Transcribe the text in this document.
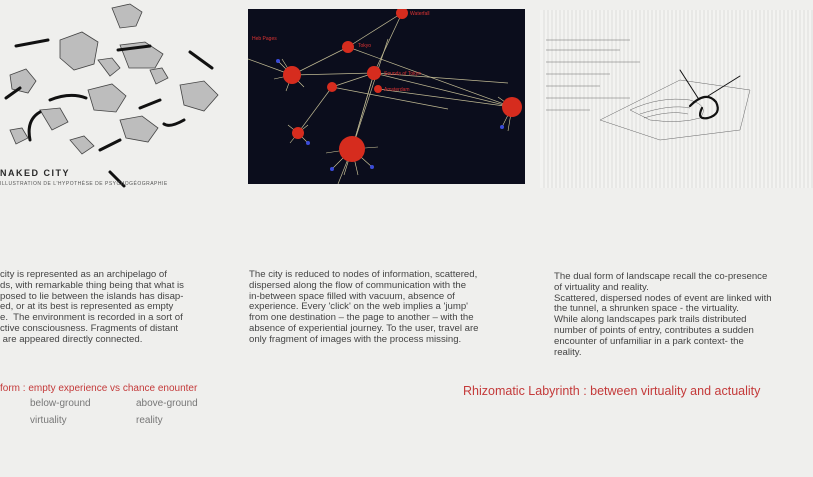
NAKED CITY
ILLUSTRATION DE L'HYPOTHÈSE DE PSYCHOGÉOGRAPHIE
Waterfall
Heb Pages
Tokyo
Sounds of Tokyo
Amsterdam
city is represented as an archipelago of
ds, with remarkable thing being that what is
posed to lie between the islands has disap-
ed, or at its best is represented as empty
e.  The environment is recorded in a sort of
ctive consciousness. Fragments of distant
are appeared directly connected.
The city is reduced to nodes of information, scattered,
dispersed along the flow of communication with the
in-between space filled with vacuum, absence of
experience. Every 'click' on the web implies a 'jump'
from one destination – the page to another – with the
absence of experiential journey. To the user, travel are
only fragment of images with the process missing.
The dual form of landscape recall the co-presence
of virtuality and reality.
Scattered, dispersed nodes of event are linked with
the tunnel, a shrunken space - the virtuality.
While along landscapes park trails distributed
number of points of entry, contributes a sudden
encounter of unfamiliar in a park context- the
reality.
form : empty experience vs chance enounter
below-ground	above-ground
virtuality	reality
Rhizomatic Labyrinth : between virtuality and actuality
